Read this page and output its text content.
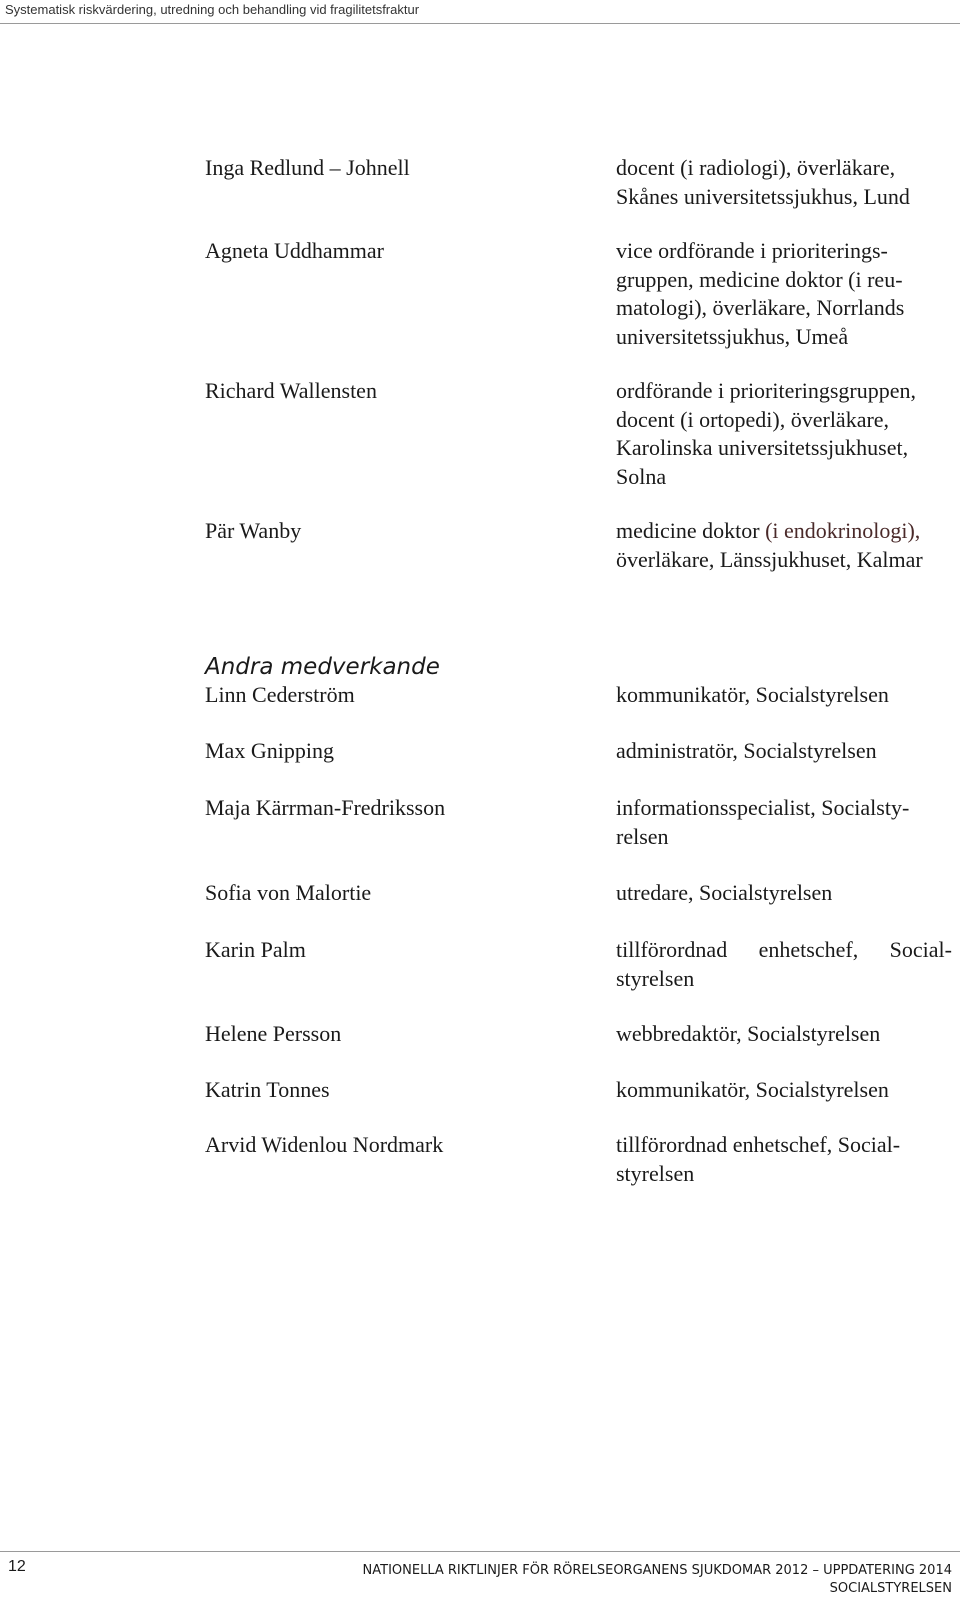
Systematisk riskvärdering, utredning och behandling vid fragilitetsfraktur
Inga Redlund – Johnell	docent (i radiologi), överläkare,
Skånes universitetssjukhus, Lund
Agneta Uddhammar	vice ordförande i prioriterings-
gruppen, medicine doktor (i reu-
matologi), överläkare, Norrlands
universitetssjukhus, Umeå
Richard Wallensten	ordförande i prioriteringsgruppen,
docent (i ortopedi), överläkare,
Karolinska universitetssjukhuset,
Solna
Pär Wanby	medicine doktor (i endokrinologi),
överläkare, Länssjukhuset, Kalmar
Andra medverkande
Linn Cederström	kommunikatör, Socialstyrelsen
Max Gnipping	administratör, Socialstyrelsen
Maja Kärrman-Fredriksson	informationsspecialist, Socialsty-
relsen
Sofia von Malortie	utredare, Socialstyrelsen
Karin Palm	tillförordnad enhetschef, Social-
styrelsen
Helene Persson	webbredaktör, Socialstyrelsen
Katrin Tonnes	kommunikatör, Socialstyrelsen
Arvid Widenlou Nordmark	tillförordnad enhetschef, Social-
styrelsen
12	NATIONELLA RIKTLINJER FÖR RÖRELSEORGANENS SJUKDOMAR 2012 – UPPDATERING 2014
SOCIALSTYRELSEN
